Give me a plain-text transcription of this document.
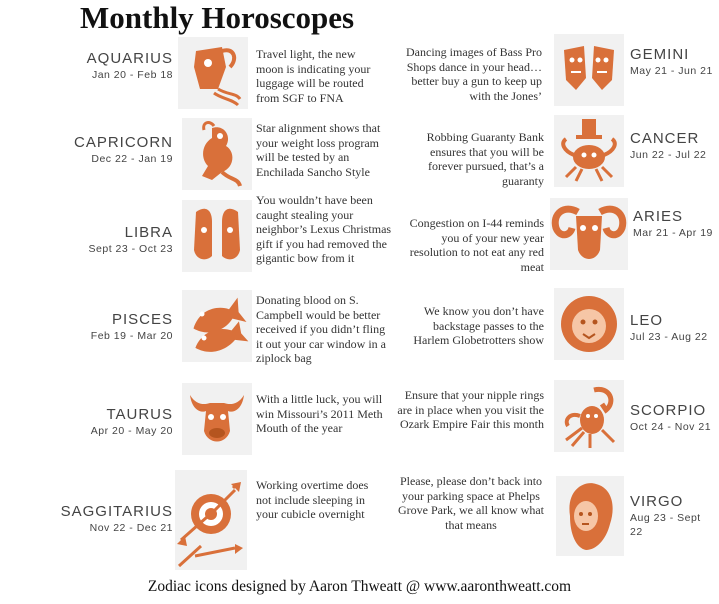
Monthly Horoscopes
AQUARIUS
Jan 20 - Feb 18
Travel light, the new moon is indicating your luggage will be routed from SGF to FNA
CAPRICORN
Dec 22 - Jan 19
Star alignment shows that your weight loss program will be tested by an Enchilada Sancho Style
LIBRA
Sept 23 - Oct 23
You wouldn’t have been caught stealing your neighbor’s Lexus Christmas gift if you had removed the gigantic bow from it
PISCES
Feb 19 - Mar 20
Donating blood on S. Campbell would be better received if you didn’t fling it out your car window in a ziplock bag
TAURUS
Apr 20 - May 20
With a little luck, you will win Missouri’s 2011 Meth Mouth of the year
SAGGITARIUS
Nov 22 - Dec 21
Working overtime does not include sleeping in your cubicle overnight
Dancing images of Bass Pro Shops dance in your head… better buy a gun to keep up with the Jones’
GEMINI
May 21 - Jun 21
Robbing Guaranty Bank ensures that you will be forever pursued, that’s a guaranty
CANCER
Jun 22 - Jul 22
Congestion on I-44 reminds you of your new year resolution to not eat any red meat
ARIES
Mar 21 - Apr 19
We know you don’t have backstage passes to the Harlem Globetrotters show
LEO
Jul 23 - Aug 22
Ensure that your nipple rings are in place when you visit the Ozark Empire Fair this month
SCORPIO
Oct 24 - Nov 21
Please, please don’t back into your parking space at Phelps Grove Park, we all know what that means
VIRGO
Aug 23 - Sept 22
Zodiac icons designed by Aaron Thweatt @ www.aaronthweatt.com
